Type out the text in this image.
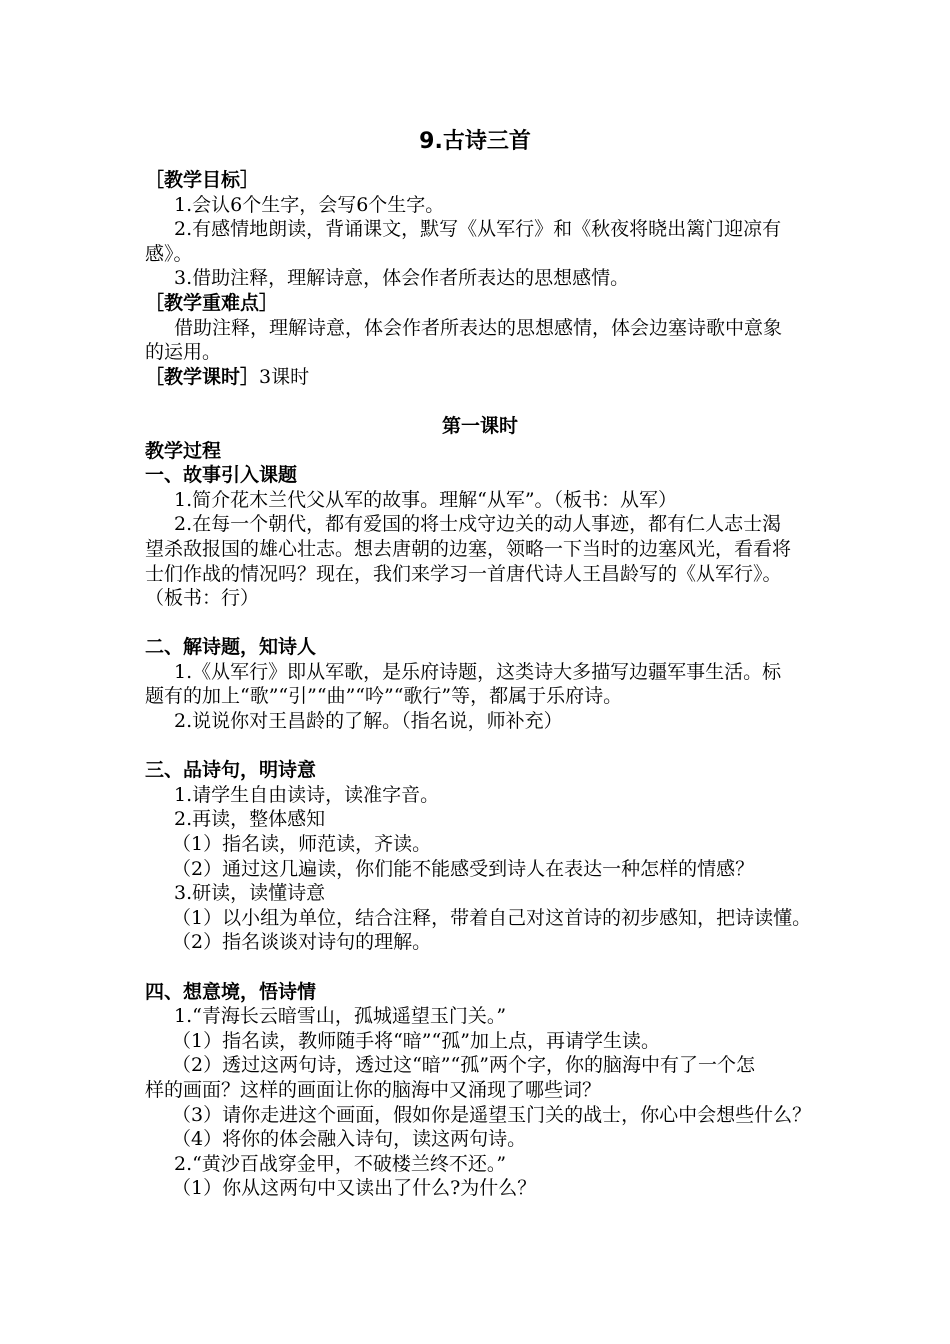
9.古诗三首
［教学目标］
1.会认6个生字，会写6个生字。
2.有感情地朗读，背诵课文，默写《从军行》和《秋夜将晓出篱门迎凉有
感》。
3.借助注释，理解诗意，体会作者所表达的思想感情。
［教学重难点］
借助注释，理解诗意，体会作者所表达的思想感情，体会边塞诗歌中意象
的运用。
［教学课时］3课时
第一课时
教学过程
一、故事引入课题
1.简介花木兰代父从军的故事。理解“从军”。（板书：从军）
2.在每一个朝代，都有爱国的将士戍守边关的动人事迹，都有仁人志士渴
望杀敌报国的雄心壮志。想去唐朝的边塞，领略一下当时的边塞风光，看看将
士们作战的情况吗？现在，我们来学习一首唐代诗人王昌龄写的《从军行》。
（板书：行）
二、解诗题，知诗人
1.《从军行》即从军歌，是乐府诗题，这类诗大多描写边疆军事生活。标
题有的加上“歌”“引”“曲”“吟”“歌行”等，都属于乐府诗。
2.说说你对王昌龄的了解。（指名说，师补充）
三、品诗句，明诗意
1.请学生自由读诗，读准字音。
2.再读，整体感知
（1）指名读，师范读，齐读。
（2）通过这几遍读，你们能不能感受到诗人在表达一种怎样的情感？
3.研读，读懂诗意
（1）以小组为单位，结合注释，带着自己对这首诗的初步感知，把诗读懂。
（2）指名谈谈对诗句的理解。
四、想意境，悟诗情
1.“青海长云暗雪山，孤城遥望玉门关。”
（1）指名读，教师随手将“暗”“孤”加上点，再请学生读。
（2）透过这两句诗，透过这“暗”“孤”两个字，你的脑海中有了一个怎
样的画面？这样的画面让你的脑海中又涌现了哪些词？
（3）请你走进这个画面，假如你是遥望玉门关的战士，你心中会想些什么？
（4）将你的体会融入诗句，读这两句诗。
2.“黄沙百战穿金甲，不破楼兰终不还。”
（1）你从这两句中又读出了什么?为什么？
